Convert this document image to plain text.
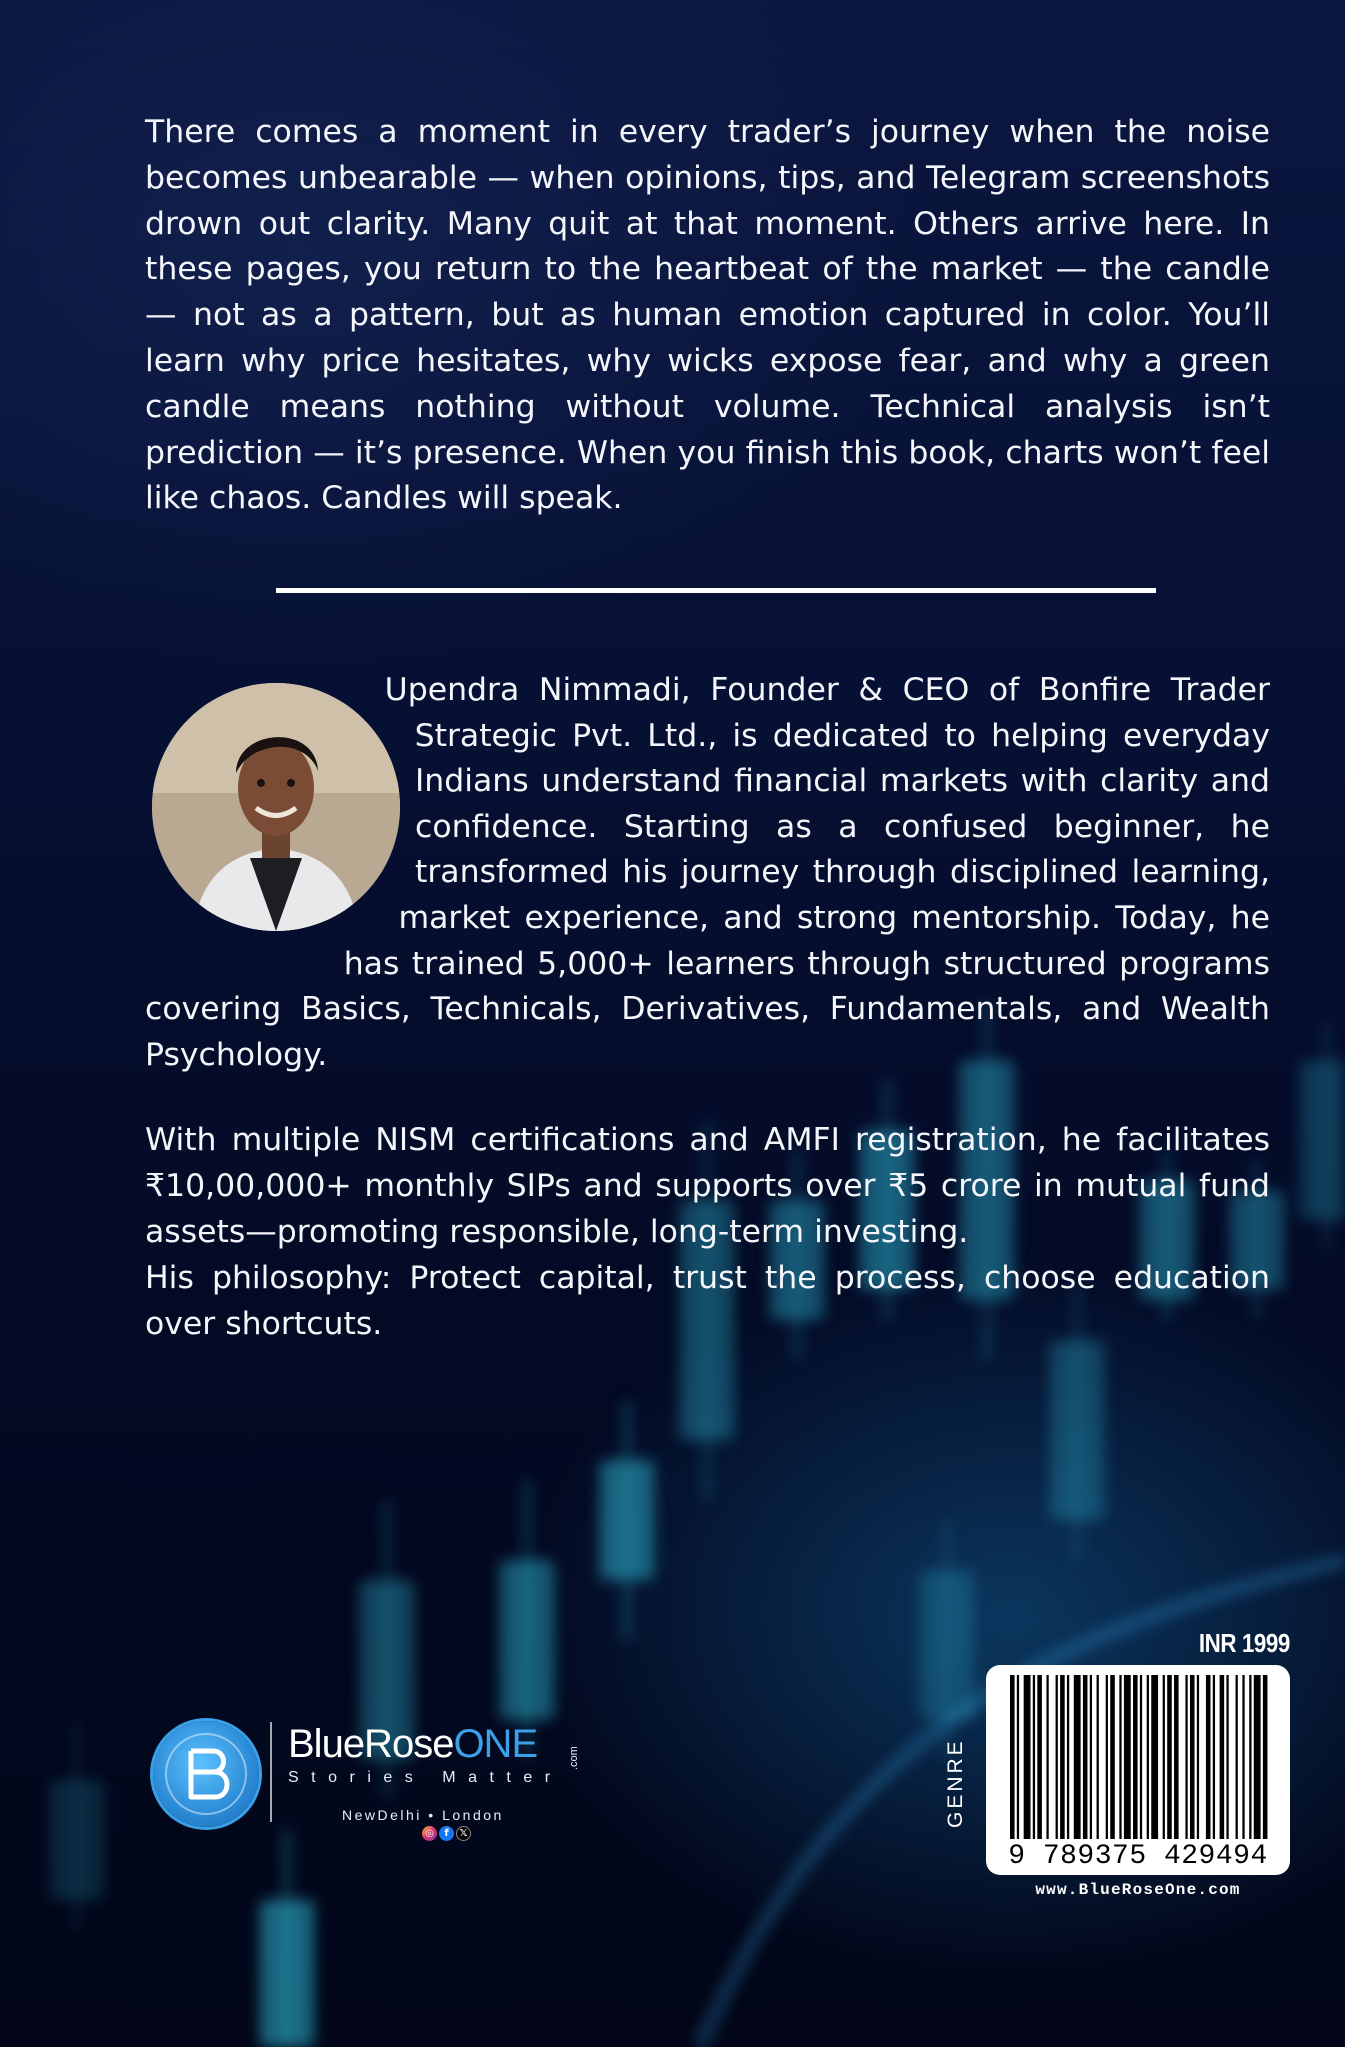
There comes a moment in every trader’s journey when the noise becomes unbearable — when opinions, tips, and Telegram screenshots drown out clarity. Many quit at that moment. Others arrive here. In these pages, you return to the heartbeat of the market — the candle — not as a pattern, but as human emotion captured in color. You’ll learn why price hesitates, why wicks expose fear, and why a green candle means nothing without volume. Technical analysis isn’t prediction — it’s presence. When you finish this book, charts won’t feel like chaos. Candles will speak.

Upendra Nimmadi, Founder & CEO of Bonfire Trader Strategic Pvt. Ltd., is dedicated to helping everyday Indians understand financial markets with clarity and confidence. Starting as a confused beginner, he transformed his journey through disciplined learning, market experience, and strong mentorship. Today, he has trained 5,000+ learners through structured programs covering Basics, Technicals, Derivatives, Fundamentals, and Wealth Psychology.

With multiple NISM certifications and AMFI registration, he facilitates ₹10,00,000+ monthly SIPs and supports over ₹5 crore in mutual fund assets—promoting responsible, long-term investing.

His philosophy: Protect capital, trust the process, choose education over shortcuts.

BlueRoseONE	.com
Stories Matter
NewDelhi • London
◎	f	𝕏
INR 1999
GENRE
9 789375 429494
www.BlueRoseOne.com
